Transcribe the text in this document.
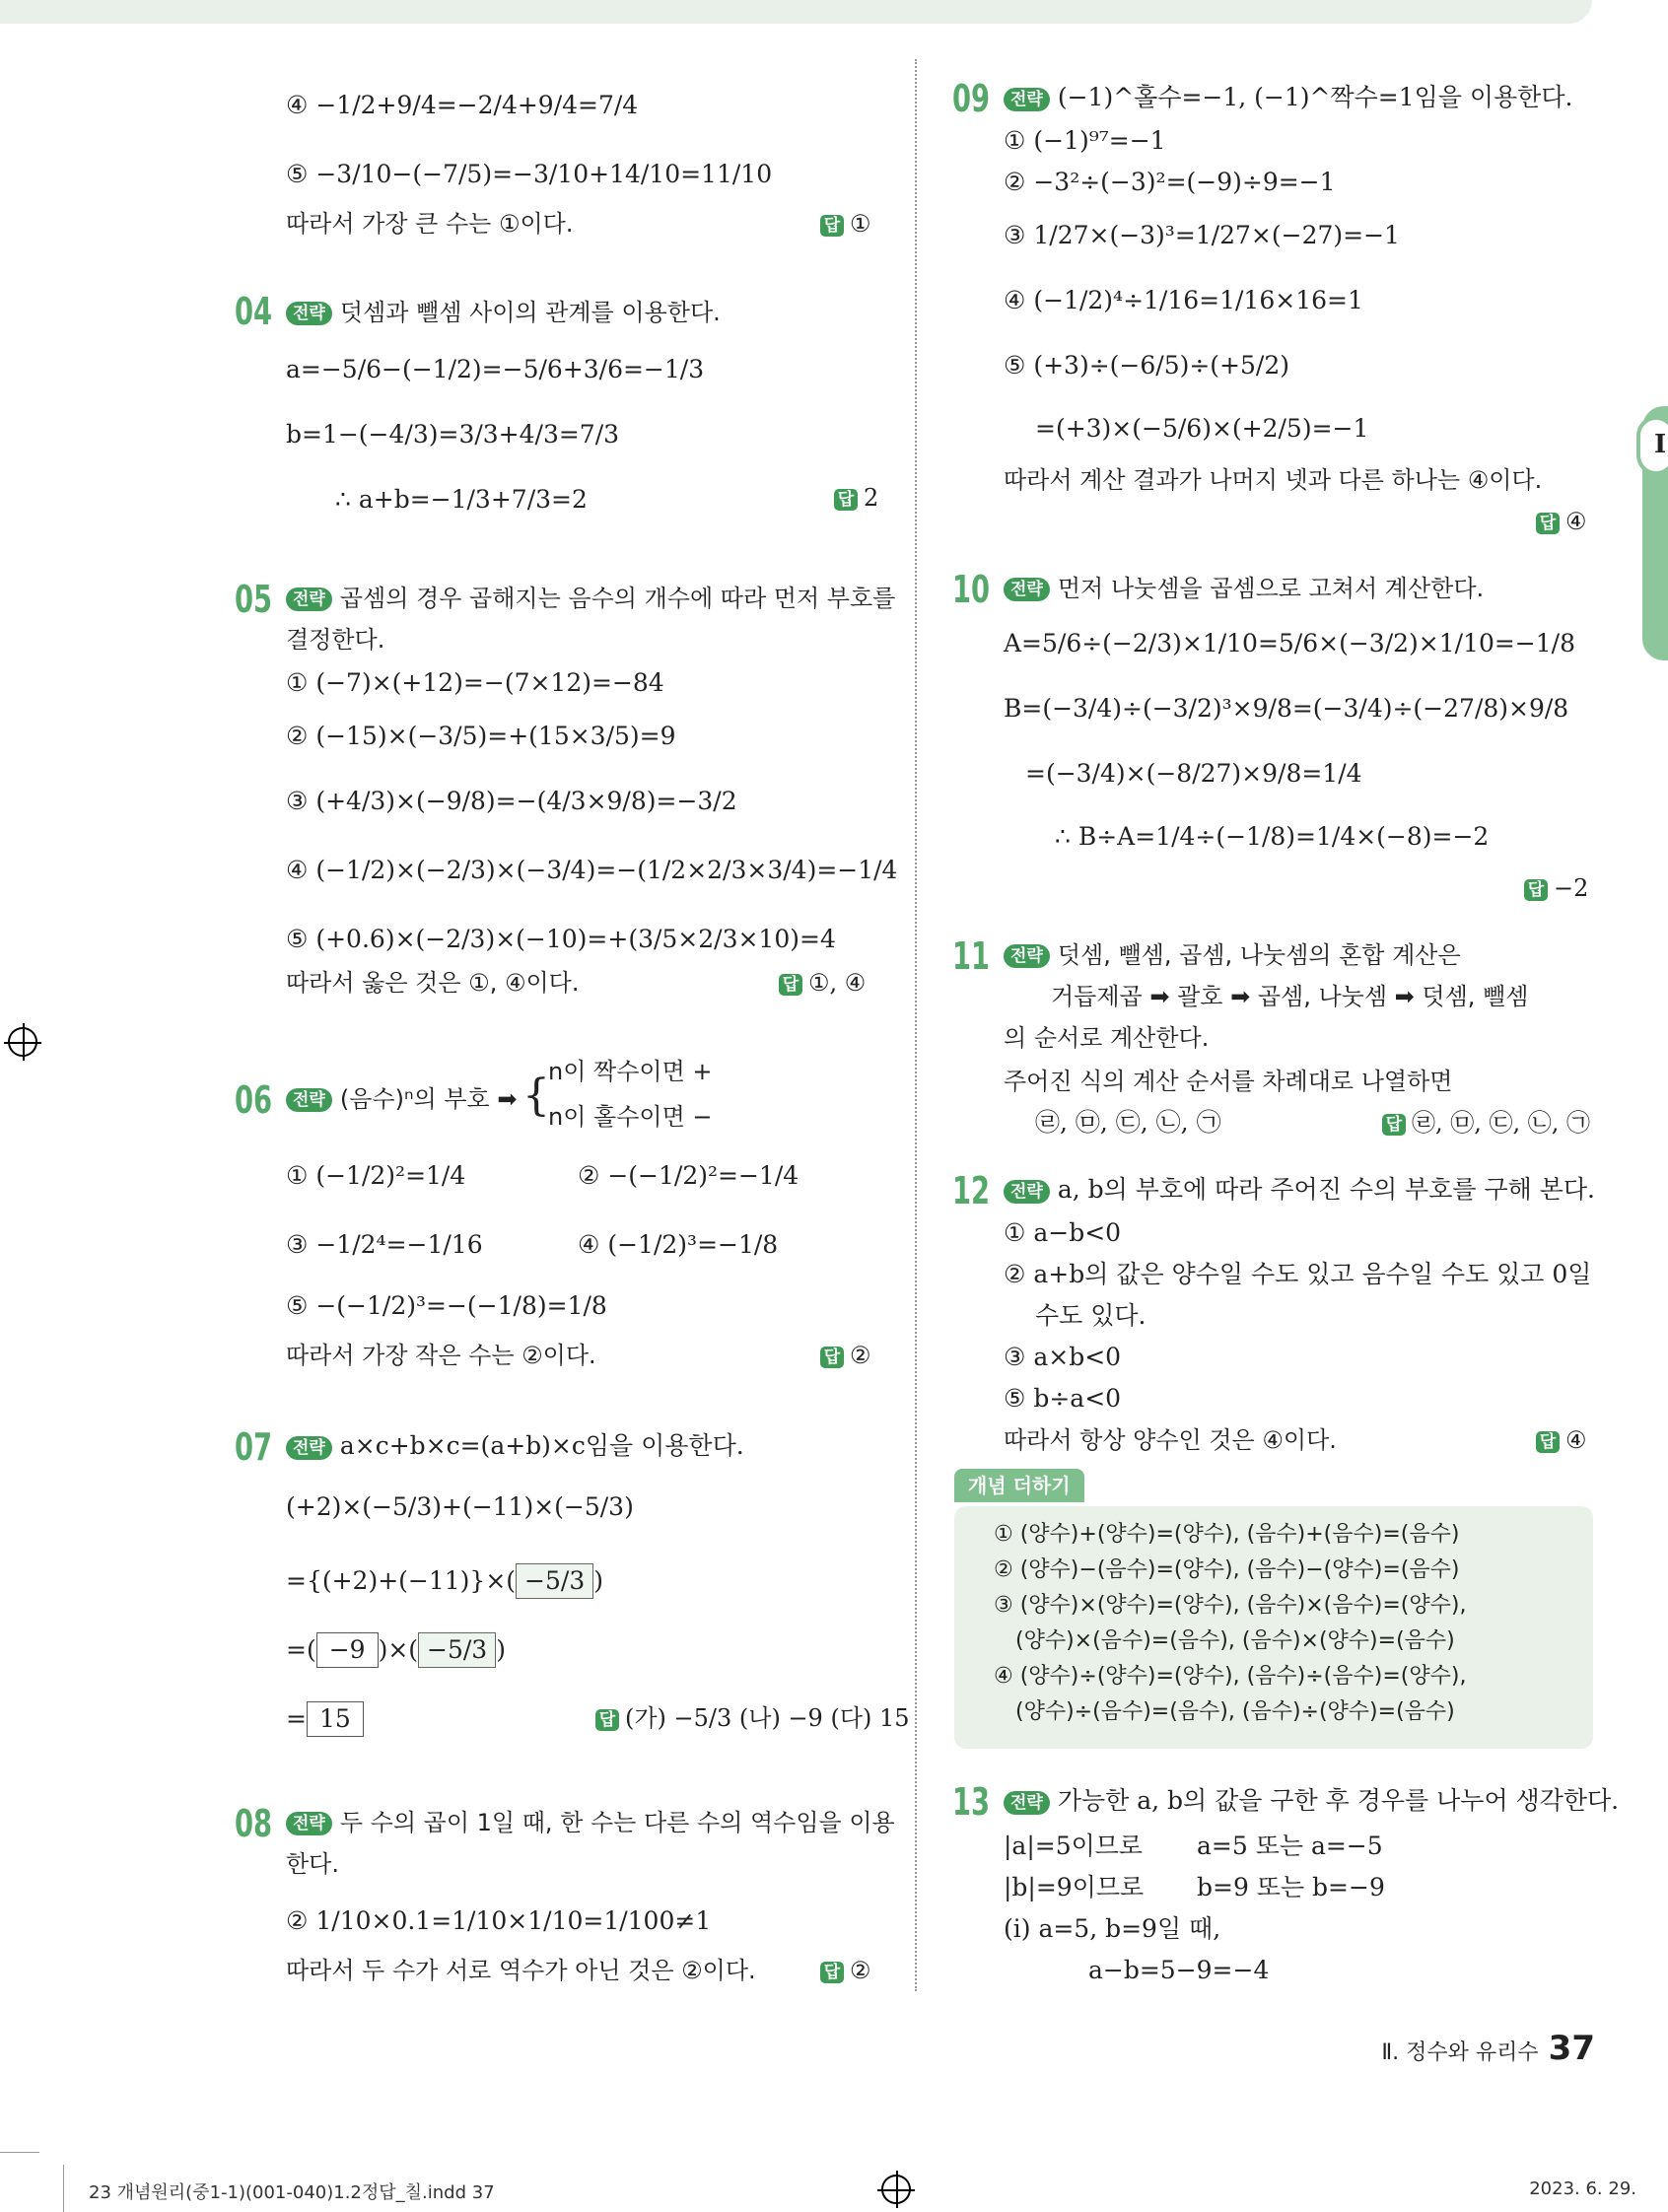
I
④ −1/2+9/4=−2/4+9/4=7/4
⑤ −3/10−(−7/5)=−3/10+14/10=11/10
따라서 가장 큰 수는 ①이다.	답 ①
04	전략 덧셈과 뺄셈 사이의 관계를 이용한다.
a=−5/6−(−1/2)=−5/6+3/6=−1/3
b=1−(−4/3)=3/3+4/3=7/3
∴ a+b=−1/3+7/3=2	답 2
05	전략 곱셈의 경우 곱해지는 음수의 개수에 따라 먼저 부호를
결정한다.
① (−7)×(+12)=−(7×12)=−84
② (−15)×(−3/5)=+(15×3/5)=9
③ (+4/3)×(−9/8)=−(4/3×9/8)=−3/2
④ (−1/2)×(−2/3)×(−3/4)=−(1/2×2/3×3/4)=−1/4
⑤ (+0.6)×(−2/3)×(−10)=+(3/5×2/3×10)=4
따라서 옳은 것은 ①, ④이다.	답 ①, ④
06	전략 (음수)ⁿ의 부호 ➡ {
n이 짝수이면 +
n이 홀수이면 −
① (−1/2)²=1/4	② −(−1/2)²=−1/4
③ −1/2⁴=−1/16	④ (−1/2)³=−1/8
⑤ −(−1/2)³=−(−1/8)=1/8
따라서 가장 작은 수는 ②이다.	답 ②
07	전략 a×c+b×c=(a+b)×c임을 이용한다.
(+2)×(−5/3)+(−11)×(−5/3)
={(+2)+(−11)}×( −5/3 )
=( −9 )×( −5/3 )
= 15	답 (가) −5/3 (나) −9 (다) 15
08	전략 두 수의 곱이 1일 때, 한 수는 다른 수의 역수임을 이용
한다.
② 1/10×0.1=1/10×1/10=1/100≠1
따라서 두 수가 서로 역수가 아닌 것은 ②이다.	답 ②
09	전략 (−1)^홀수=−1, (−1)^짝수=1임을 이용한다.
① (−1)⁹⁷=−1
② −3²÷(−3)²=(−9)÷9=−1
③ 1/27×(−3)³=1/27×(−27)=−1
④ (−1/2)⁴÷1/16=1/16×16=1
⑤ (+3)÷(−6/5)÷(+5/2)
=(+3)×(−5/6)×(+2/5)=−1
따라서 계산 결과가 나머지 넷과 다른 하나는 ④이다.
답 ④
10	전략 먼저 나눗셈을 곱셈으로 고쳐서 계산한다.
A=5/6÷(−2/3)×1/10=5/6×(−3/2)×1/10=−1/8
B=(−3/4)÷(−3/2)³×9/8=(−3/4)÷(−27/8)×9/8
=(−3/4)×(−8/27)×9/8=1/4
∴ B÷A=1/4÷(−1/8)=1/4×(−8)=−2
답 −2
11	전략 덧셈, 뺄셈, 곱셈, 나눗셈의 혼합 계산은
거듭제곱 ➡ 괄호 ➡ 곱셈, 나눗셈 ➡ 덧셈, 뺄셈
의 순서로 계산한다.
주어진 식의 계산 순서를 차례대로 나열하면
㉣, ㉤, ㉢, ㉡, ㉠	답 ㉣, ㉤, ㉢, ㉡, ㉠
12	전략 a, b의 부호에 따라 주어진 수의 부호를 구해 본다.
① a−b<0
② a+b의 값은 양수일 수도 있고 음수일 수도 있고 0일
수도 있다.
③ a×b<0
⑤ b÷a<0
따라서 항상 양수인 것은 ④이다.	답 ④
개념 더하기
① (양수)+(양수)=(양수), (음수)+(음수)=(음수)
② (양수)−(음수)=(양수), (음수)−(양수)=(음수)
③ (양수)×(양수)=(양수), (음수)×(음수)=(양수),
(양수)×(음수)=(음수), (음수)×(양수)=(음수)
④ (양수)÷(양수)=(양수), (음수)÷(음수)=(양수),
(양수)÷(음수)=(음수), (음수)÷(양수)=(음수)
13	전략 가능한 a, b의 값을 구한 후 경우를 나누어 생각한다.
|a|=5이므로 a=5 또는 a=−5
|b|=9이므로 b=9 또는 b=−9
(i) a=5, b=9일 때,
a−b=5−9=−4
Ⅱ. 정수와 유리수 37
23 개념원리(중1-1)(001-040)1.2정답_칠.indd 37	2023. 6. 29.
